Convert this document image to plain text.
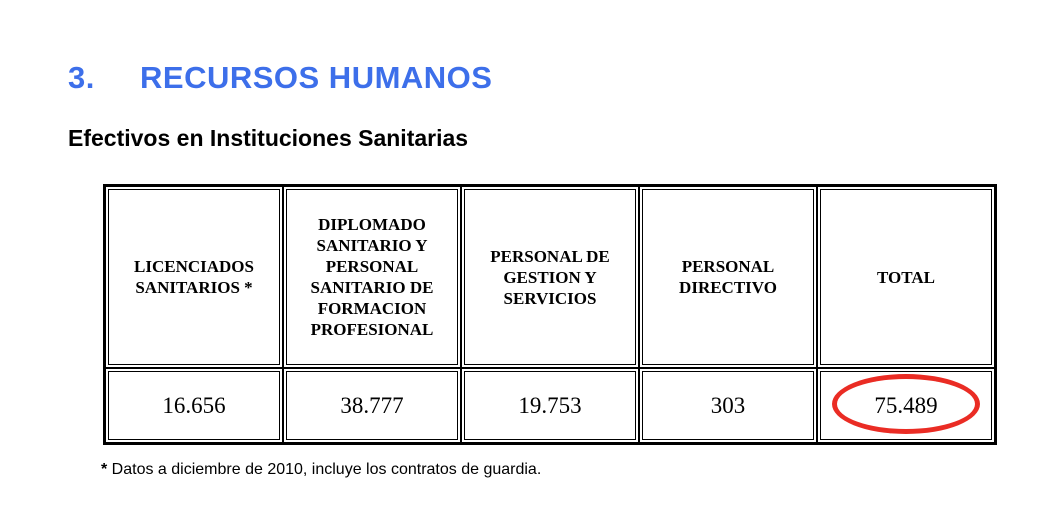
3. RECURSOS HUMANOS
Efectivos en Instituciones Sanitarias
LICENCIADOS SANITARIOS *	DIPLOMADO SANITARIO Y PERSONAL SANITARIO DE FORMACION PROFESIONAL	PERSONAL DE GESTION Y SERVICIOS	PERSONAL DIRECTIVO	TOTAL
16.656	38.777	19.753	303	75.489
* Datos a diciembre de 2010, incluye los contratos de guardia.
